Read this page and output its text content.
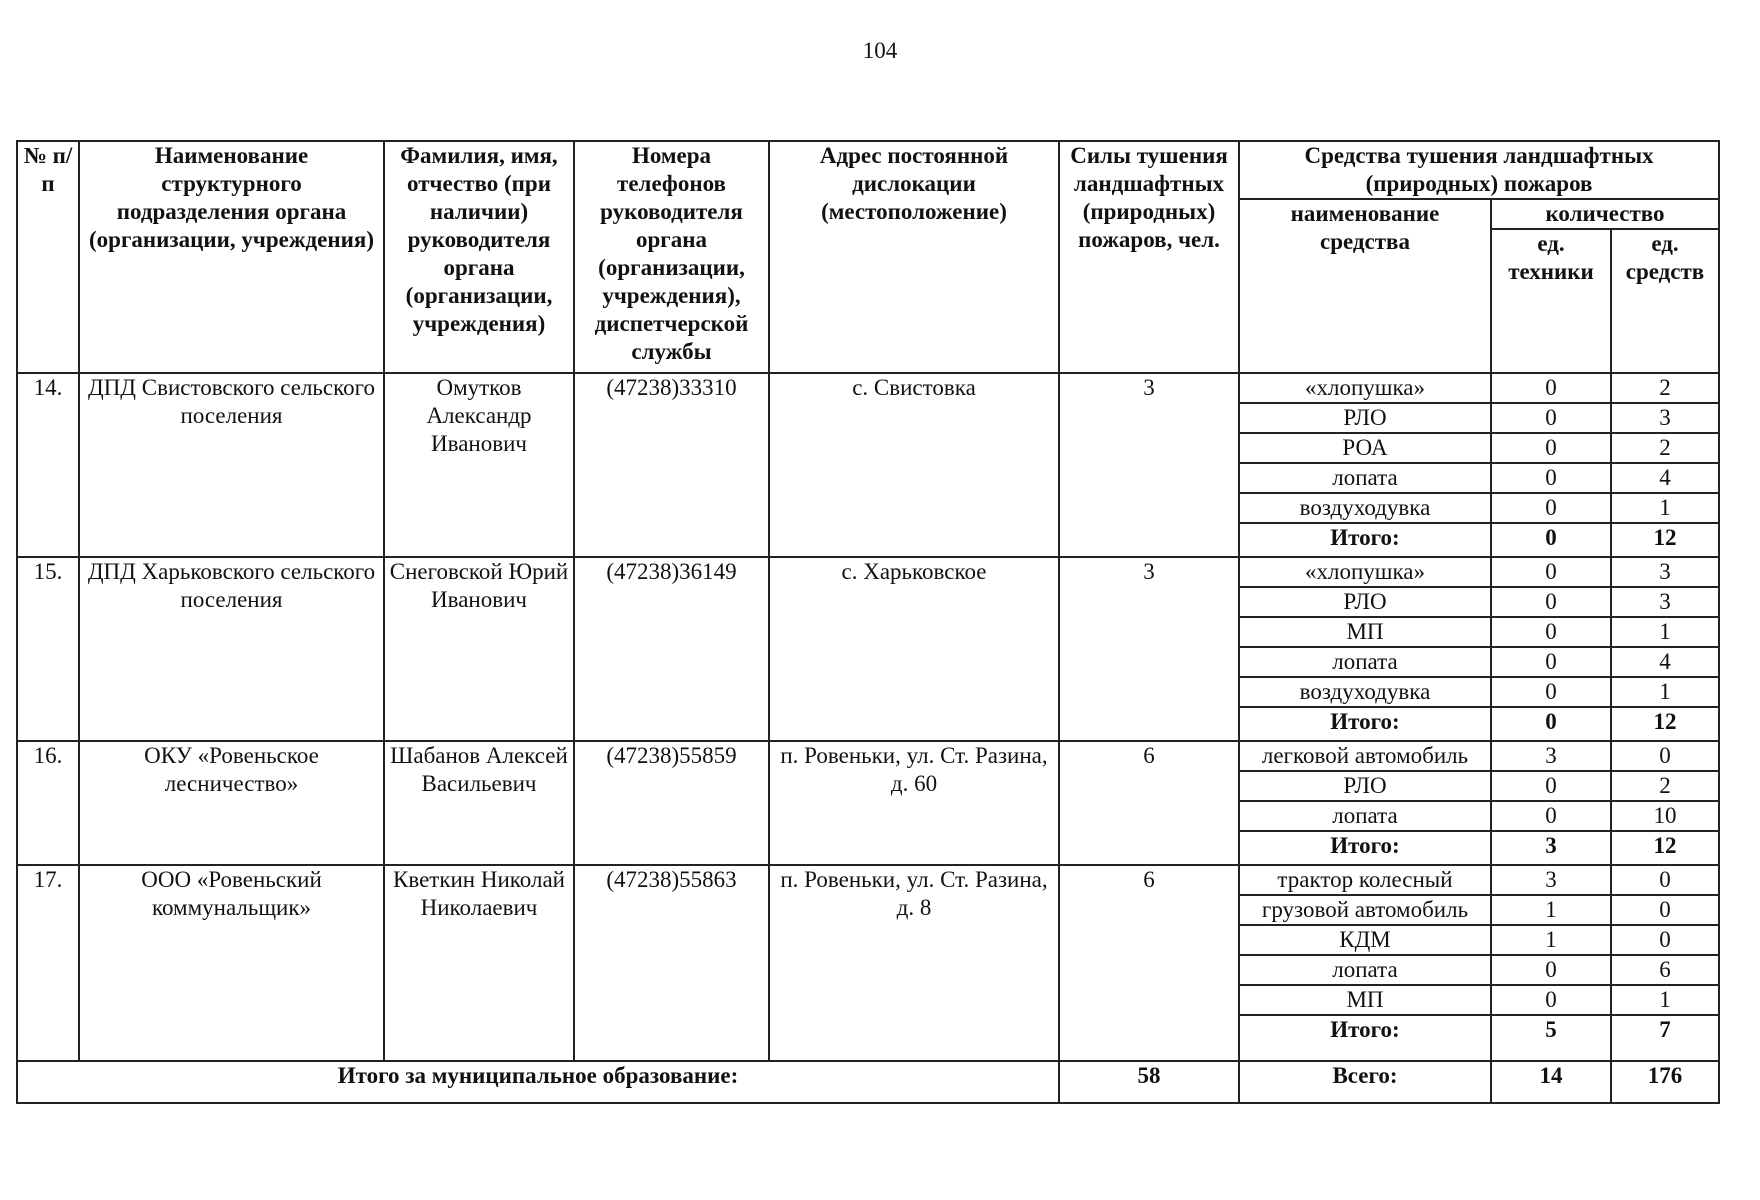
104
№ п/п	Наименование структурного подразделения органа (организации, учреждения)	Фамилия, имя, отчество (при наличии) руководителя органа (организации, учреждения)	Номера телефонов руководителя органа (организации, учреждения), диспетчерской службы	Адрес постоянной дислокации (местоположение)	Силы тушения ландшафтных (природных) пожаров, чел.	Средства тушения ландшафтных (природных) пожаров		
						наименование средства	количество	
							ед. техники	ед. средств
14.	ДПД Свистовского сельского поселения	Омутков Александр Иванович	(47238)33310	с. Свистовка	3	«хлопушка»	0	2
						РЛО	0	3
						РОА	0	2
						лопата	0	4
						воздуходувка	0	1
						Итого:	0	12
15.	ДПД Харьковского сельского поселения	Снеговской Юрий Иванович	(47238)36149	с. Харьковское	3	«хлопушка»	0	3
						РЛО	0	3
						МП	0	1
						лопата	0	4
						воздуходувка	0	1
						Итого:	0	12
16.	ОКУ «Ровеньское лесничество»	Шабанов Алексей Васильевич	(47238)55859	п. Ровеньки, ул. Ст. Разина, д. 60	6	легковой автомобиль	3	0
						РЛО	0	2
						лопата	0	10
						Итого:	3	12
17.	ООО «Ровеньский коммунальщик»	Кветкин Николай Николаевич	(47238)55863	п. Ровеньки, ул. Ст. Разина, д. 8	6	трактор колесный	3	0
						грузовой автомобиль	1	0
						КДМ	1	0
						лопата	0	6
						МП	0	1
						Итого:	5	7
Итого за муниципальное образование:					58	Всего:	14	176
